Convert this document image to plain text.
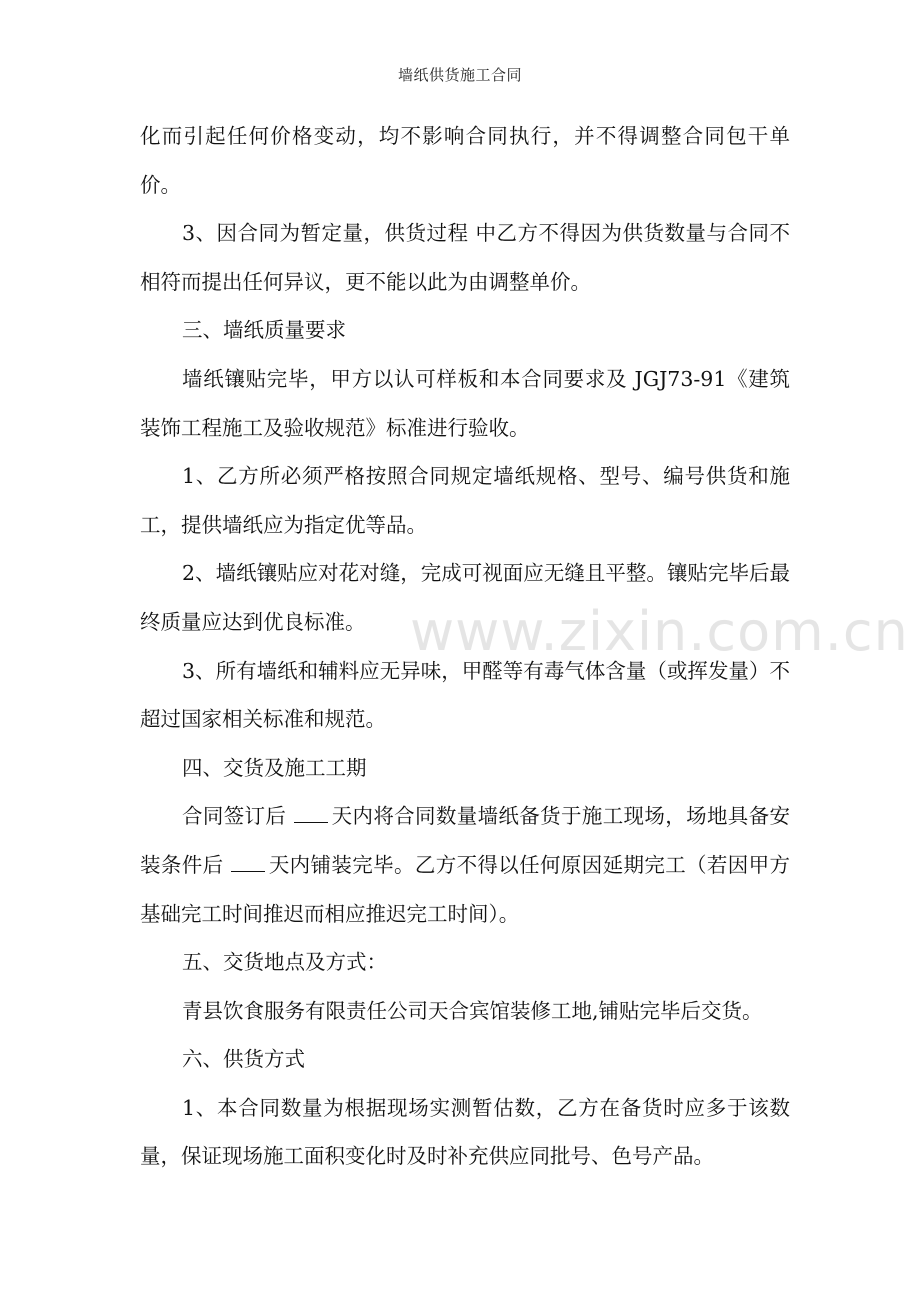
墙纸供货施工合同

化而引起任何价格变动，均不影响合同执行，并不得调整合同包干单价。

3、因合同为暂定量，供货过程 中乙方不得因为供货数量与合同不相符而提出任何异议，更不能以此为由调整单价。

三、墙纸质量要求

墙纸镶贴完毕，甲方以认可样板和本合同要求及 JGJ73-91《建筑装饰工程施工及验收规范》标准进行验收。

1、乙方所必须严格按照合同规定墙纸规格、型号、编号供货和施工，提供墙纸应为指定优等品。

2、墙纸镶贴应对花对缝，完成可视面应无缝且平整。镶贴完毕后最终质量应达到优良标准。

3、所有墙纸和辅料应无异味，甲醛等有毒气体含量（或挥发量）不超过国家相关标准和规范。

四、交货及施工工期

合同签订后 天内将合同数量墙纸备货于施工现场，场地具备安装条件后 天内铺装完毕。乙方不得以任何原因延期完工（若因甲方基础完工时间推迟而相应推迟完工时间）。

五、交货地点及方式：

青县饮食服务有限责任公司天合宾馆装修工地,铺贴完毕后交货。

六、供货方式

1、本合同数量为根据现场实测暂估数，乙方在备货时应多于该数量，保证现场施工面积变化时及时补充供应同批号、色号产品。

www.zixin.com.cn
